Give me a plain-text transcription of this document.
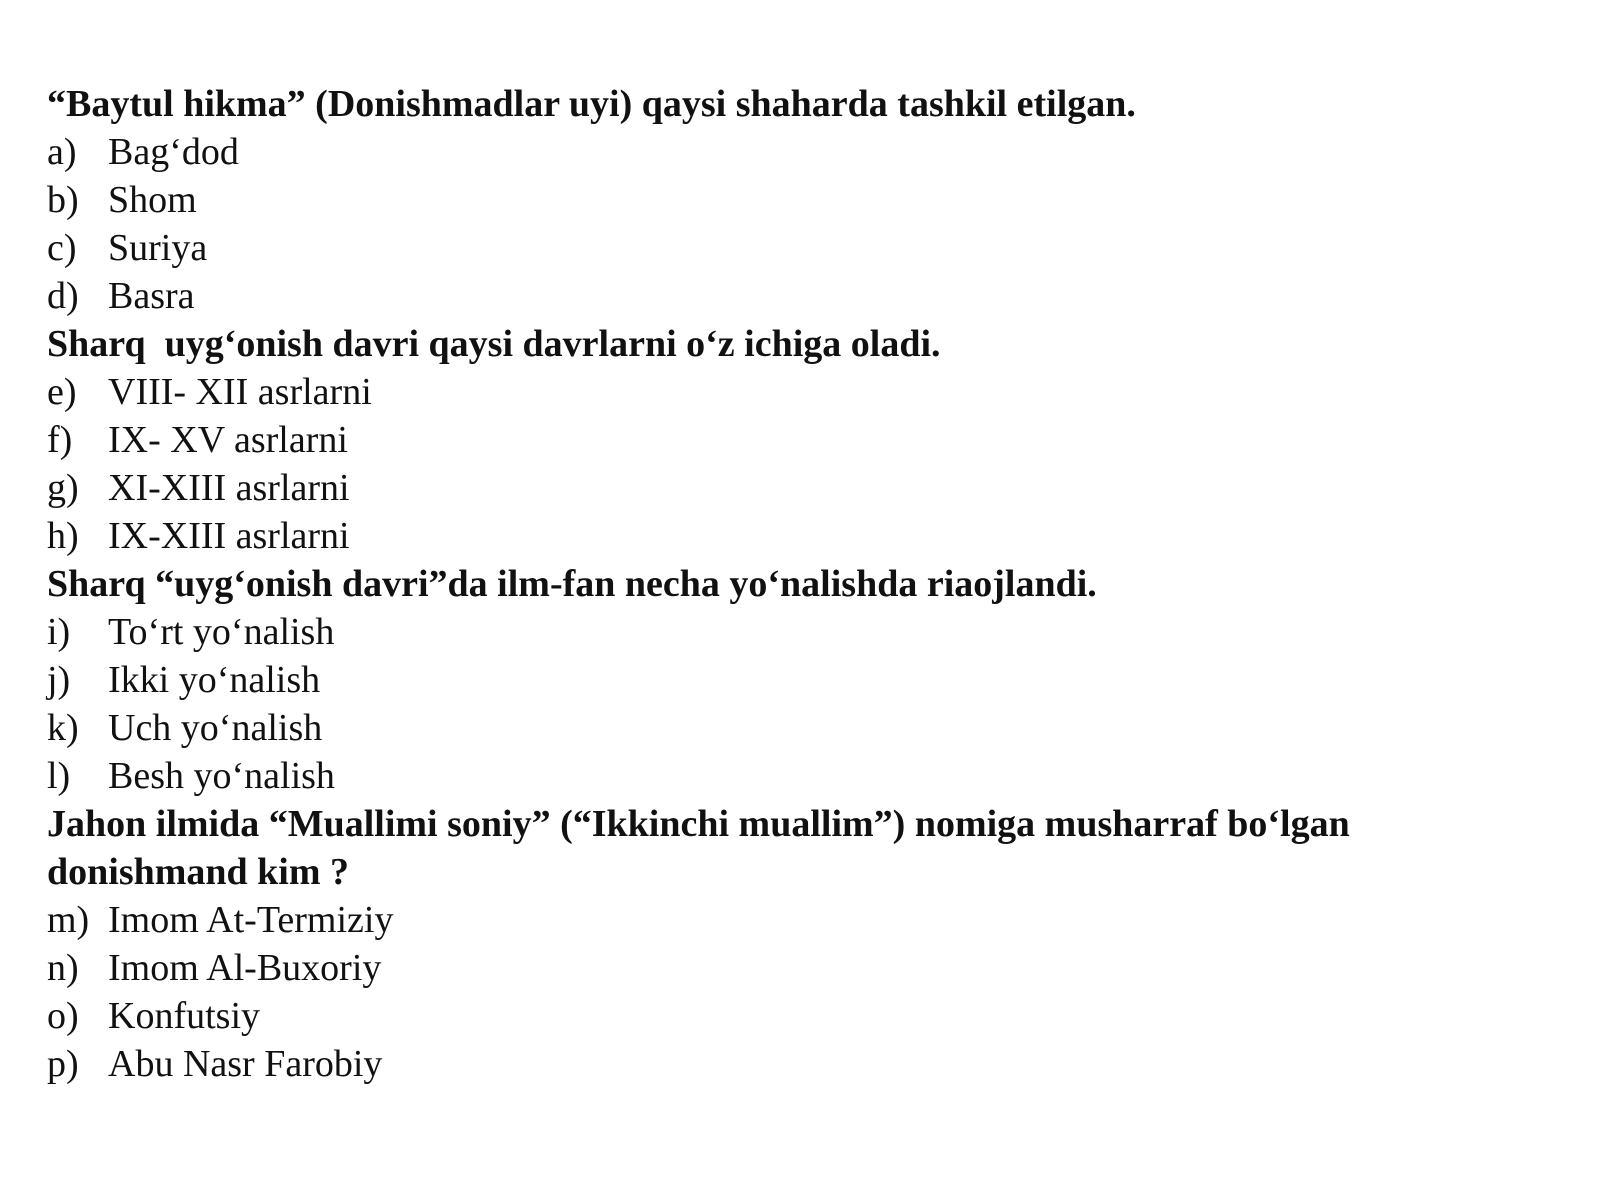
“Baytul hikma” (Donishmadlar uyi) qaysi shaharda tashkil etilgan.

a) Bag‘dod
b) Shom
c) Suriya
d) Basra

Sharq  uyg‘onish davri qaysi davrlarni o‘z ichiga oladi.

e) VIII- XII asrlarni
f) IX- XV asrlarni
g) XI-XIII asrlarni
h) IX-XIII asrlarni

Sharq “uyg‘onish davri”da ilm-fan necha yo‘nalishda riaojlandi.

i) To‘rt yo‘nalish
j) Ikki yo‘nalish
k) Uch yo‘nalish
l) Besh yo‘nalish

Jahon ilmida “Muallimi soniy” (“Ikkinchi muallim”) nomiga musharraf bo‘lgan donishmand kim ?

m) Imom At-Termiziy
n) Imom Al-Buxoriy
o) Konfutsiy
p) Abu Nasr Farobiy
